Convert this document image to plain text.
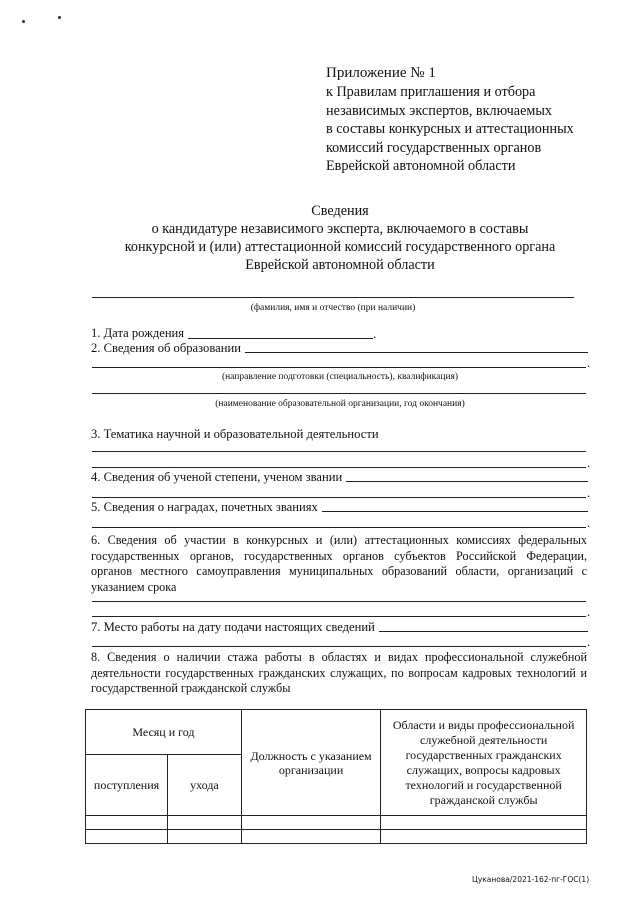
Приложение № 1
к Правилам приглашения и отбора
независимых экспертов, включаемых
в составы конкурсных и аттестационных
комиссий государственных органов
Еврейской автономной области
Сведения
о кандидатуре независимого эксперта, включаемого в составы
конкурсной и (или) аттестационной комиссий государственного органа
Еврейской автономной области
(фамилия, имя и отчество (при наличии)
1. Дата рождения	.
2. Сведения об образовании
.
(направление подготовки (специальность), квалификация)
(наименование образовательной организации, год окончания)
3. Тематика научной и образовательной деятельности
.
4. Сведения об ученой степени, ученом звании
.
5. Сведения о наградах, почетных званиях
.
6. Сведения об участии в конкурсных и (или) аттестационных комиссиях федеральных государственных органов, государственных органов субъектов Российской Федерации, органов местного самоуправления муниципальных образований области, организаций с указанием срока
.
7. Место работы на дату подачи настоящих сведений
.
8. Сведения о наличии стажа работы в областях и видах профессиональной служебной деятельности государственных гражданских служащих, по вопросам кадровых технологий и государственной гражданской службы
Месяц и год		Должность с указанием организации	Области и виды профессиональной служебной деятельности государственных гражданских служащих, вопросы кадровых технологий и государственной гражданской службы
поступления	ухода		

Цуканова/2021-162-пг-ГОС(1)
